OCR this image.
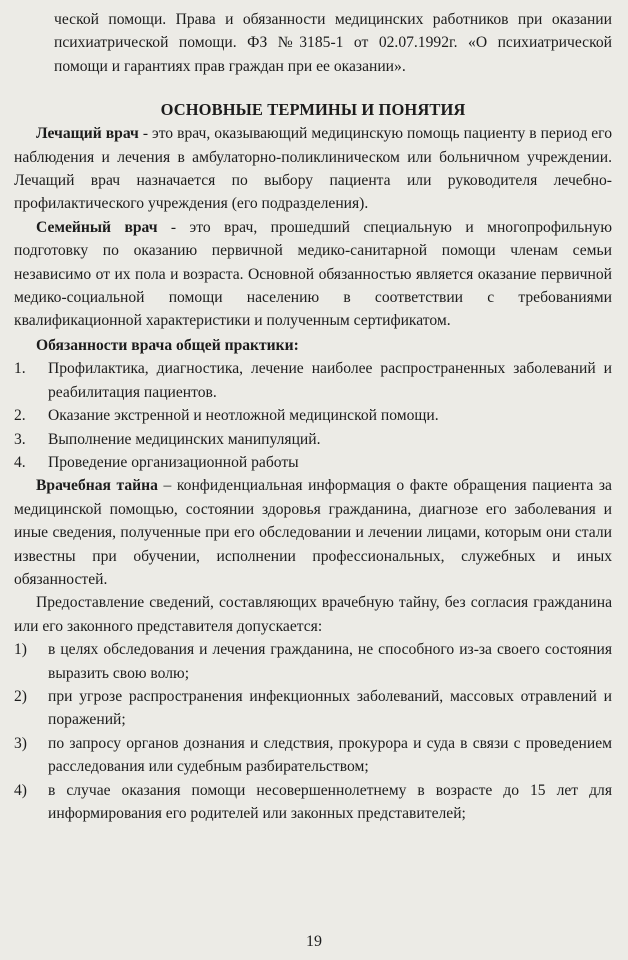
ческой помощи. Права и обязанности медицинских работников при оказании психиатрической помощи. ФЗ №3185-1 от 02.07.1992г. «О психиатрической помощи и гарантиях прав граждан при ее оказании».

ОСНОВНЫЕ ТЕРМИНЫ И ПОНЯТИЯ

Лечащий врач - это врач, оказывающий медицинскую помощь пациенту в период его наблюдения и лечения в амбулаторно-поликлиническом или больничном учреждении. Лечащий врач назначается по выбору пациента или руководителя лечебно-профилактического учреждения (его подразделения).

Семейный врач - это врач, прошедший специальную и многопрофильную подготовку по оказанию первичной медико-санитарной помощи членам семьи независимо от их пола и возраста. Основной обязанностью является оказание первичной медико-социальной помощи населению в соответствии с требованиями квалификационной характеристики и полученным сертификатом.

Обязанности врача общей практики:

1.	Профилактика, диагностика, лечение наиболее распространенных заболеваний и реабилитация пациентов.
2.	Оказание экстренной и неотложной медицинской помощи.
3.	Выполнение медицинских манипуляций.
4.	Проведение организационной работы

Врачебная тайна – конфиденциальная информация о факте обращения пациента за медицинской помощью, состоянии здоровья гражданина, диагнозе его заболевания и иные сведения, полученные при его обследовании и лечении лицами, которым они стали известны при обучении, исполнении профессиональных, служебных и иных обязанностей.

Предоставление сведений, составляющих врачебную тайну, без согласия гражданина или его законного представителя допускается:

1)	в целях обследования и лечения гражданина, не способного из-за своего состояния выразить свою волю;
2)	при угрозе распространения инфекционных заболеваний, массовых отравлений и поражений;
3)	по запросу органов дознания и следствия, прокурора и суда в связи с проведением расследования или судебным разбирательством;
4)	в случае оказания помощи несовершеннолетнему в возрасте до 15 лет для информирования его родителей или законных представителей;
19
